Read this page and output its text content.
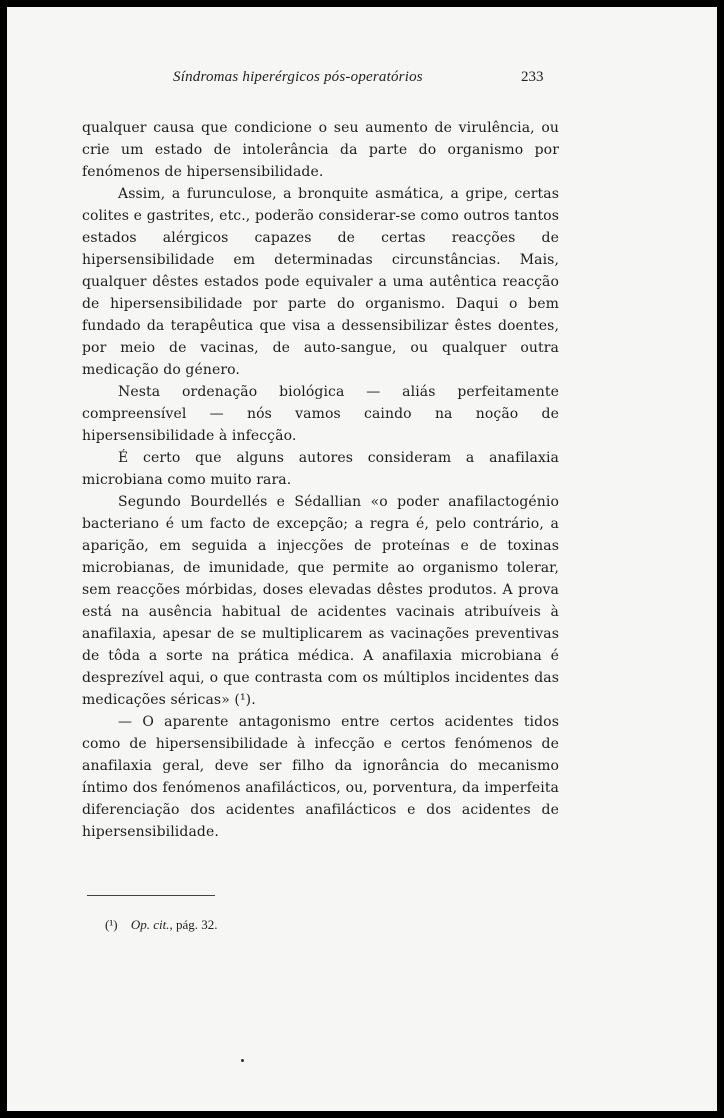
Síndromas hiperérgicos pós-operatórios	233

qualquer causa que condicione o seu aumento de virulência, ou crie um estado de intolerância da parte do organismo por fenómenos de hipersensibilidade.

Assim, a furunculose, a bronquite asmática, a gripe, certas colites e gastrites, etc., poderão considerar-se como outros tantos estados alérgicos capazes de certas reacções de hipersensibilidade em determinadas circunstâncias. Mais, qualquer dêstes estados pode equivaler a uma autêntica reacção de hipersensibilidade por parte do organismo. Daqui o bem fundado da terapêutica que visa a dessensibilizar êstes doentes, por meio de vacinas, de auto-sangue, ou qualquer outra medicação do género.

Nesta ordenação biológica — aliás perfeitamente compreensível — nós vamos caindo na noção de hipersensibilidade à infecção.

É certo que alguns autores consideram a anafilaxia microbiana como muito rara.

Segundo Bourdellés e Sédallian «o poder anafilactogénio bacteriano é um facto de excepção; a regra é, pelo contrário, a aparição, em seguida a injecções de proteínas e de toxinas microbianas, de imunidade, que permite ao organismo tolerar, sem reacções mórbidas, doses elevadas dêstes produtos. A prova está na ausência habitual de acidentes vacinais atribuíveis à anafilaxia, apesar de se multiplicarem as vacinações preventivas de tôda a sorte na prática médica. A anafilaxia microbiana é desprezível aqui, o que contrasta com os múltiplos incidentes das medicações séricas» (¹).

— O aparente antagonismo entre certos acidentes tidos como de hipersensibilidade à infecção e certos fenómenos de anafilaxia geral, deve ser filho da ignorância do mecanismo íntimo dos fenómenos anafilácticos, ou, porventura, da imperfeita diferenciação dos acidentes anafilácticos e dos acidentes de hipersensibilidade.

(¹) Op. cit., pág. 32.
